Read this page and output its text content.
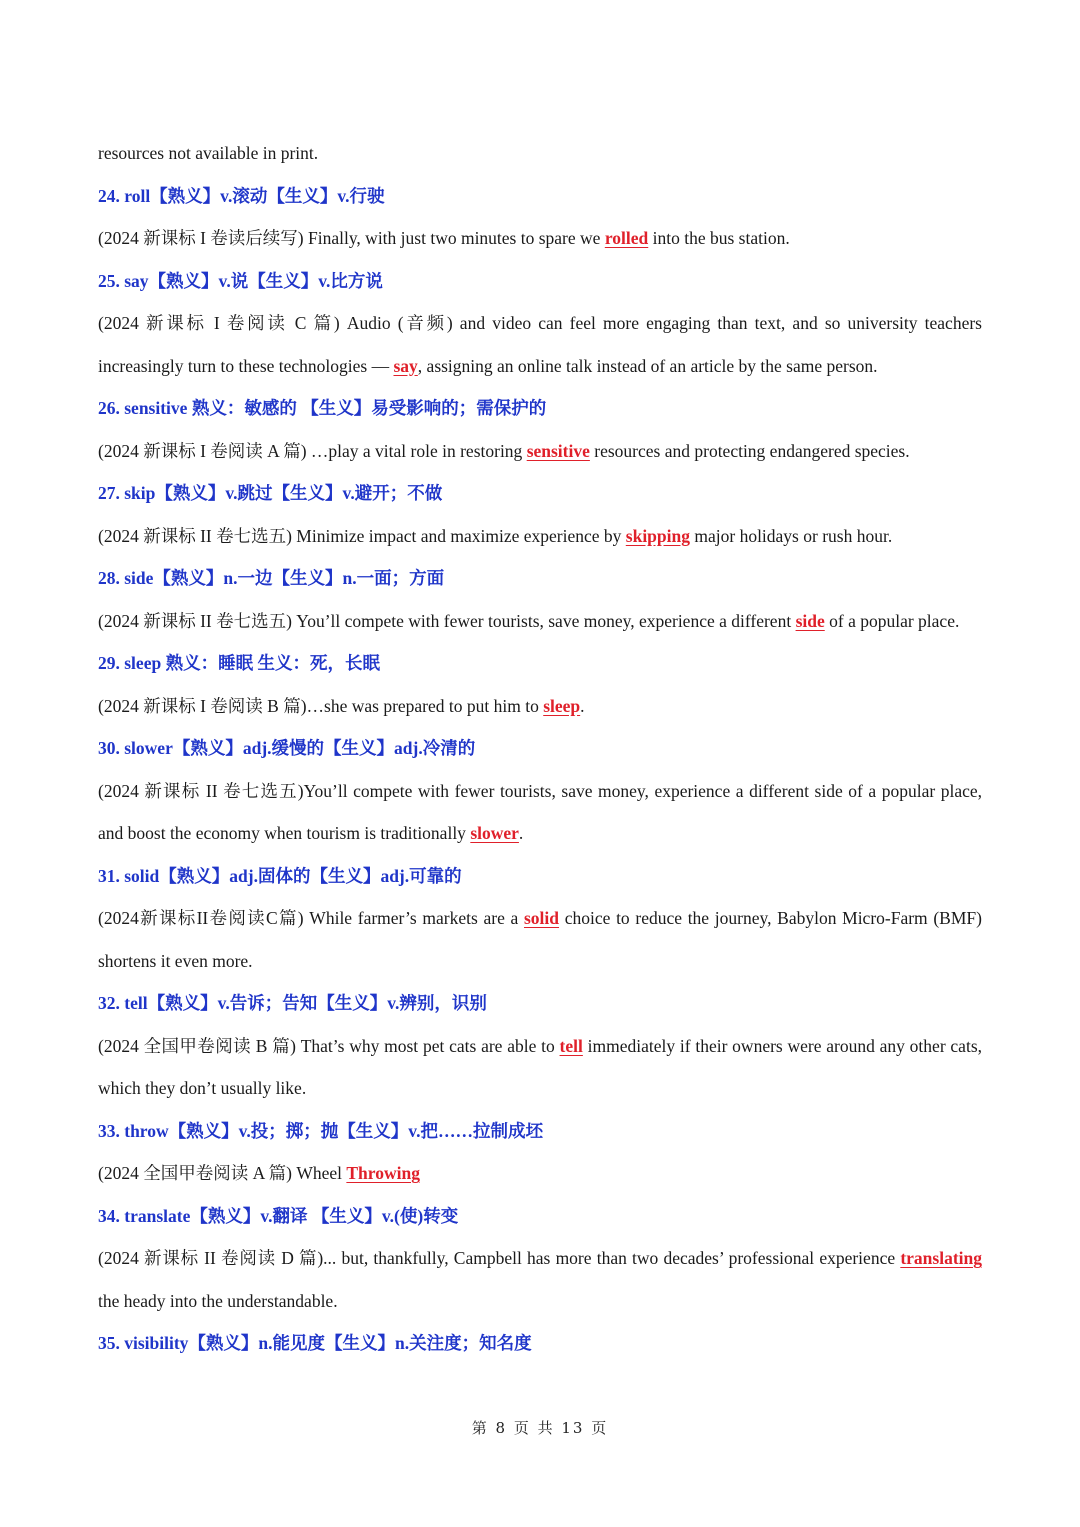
resources not available in print.
24. roll【熟义】v.滚动【生义】v.行驶
(2024 新课标 I 卷读后续写) Finally, with just two minutes to spare we rolled into the bus station.
25. say【熟义】v.说【生义】v.比方说
(2024 新课标 I 卷阅读 C 篇) Audio (音频) and video can feel more engaging than text, and so university teachers increasingly turn to these technologies — say, assigning an online talk instead of an article by the same person.
26. sensitive 熟义：敏感的 【生义】易受影响的；需保护的
(2024 新课标 I 卷阅读 A 篇) …play a vital role in restoring sensitive resources and protecting endangered species.
27. skip【熟义】v.跳过【生义】v.避开；不做
(2024 新课标 II 卷七选五) Minimize impact and maximize experience by skipping major holidays or rush hour.
28. side【熟义】n.一边【生义】n.一面；方面
(2024 新课标 II 卷七选五) You’ll compete with fewer tourists, save money, experience a different side of a popular place.
29. sleep 熟义：睡眠 生义：死，长眠
(2024 新课标 I 卷阅读 B 篇)…she was prepared to put him to sleep.
30. slower【熟义】adj.缓慢的【生义】adj.冷清的
(2024 新课标 II 卷七选五)You’ll compete with fewer tourists, save money, experience a different side of a popular place, and boost the economy when tourism is traditionally slower.
31. solid【熟义】adj.固体的【生义】adj.可靠的
(2024新课标II卷阅读C篇) While farmer’s markets are a solid choice to reduce the journey, Babylon Micro-Farm (BMF) shortens it even more.
32. tell【熟义】v.告诉；告知【生义】v.辨别，识别
(2024 全国甲卷阅读 B 篇) That’s why most pet cats are able to tell immediately if their owners were around any other cats, which they don’t usually like.
33. throw【熟义】v.投；掷；抛【生义】v.把……拉制成坯
(2024 全国甲卷阅读 A 篇) Wheel Throwing
34. translate【熟义】v.翻译 【生义】v.(使)转变
(2024 新课标 II 卷阅读 D 篇)... but, thankfully, Campbell has more than two decades’ professional experience translating the heady into the understandable.
35. visibility【熟义】n.能见度【生义】n.关注度；知名度
第 8 页 共 13 页
